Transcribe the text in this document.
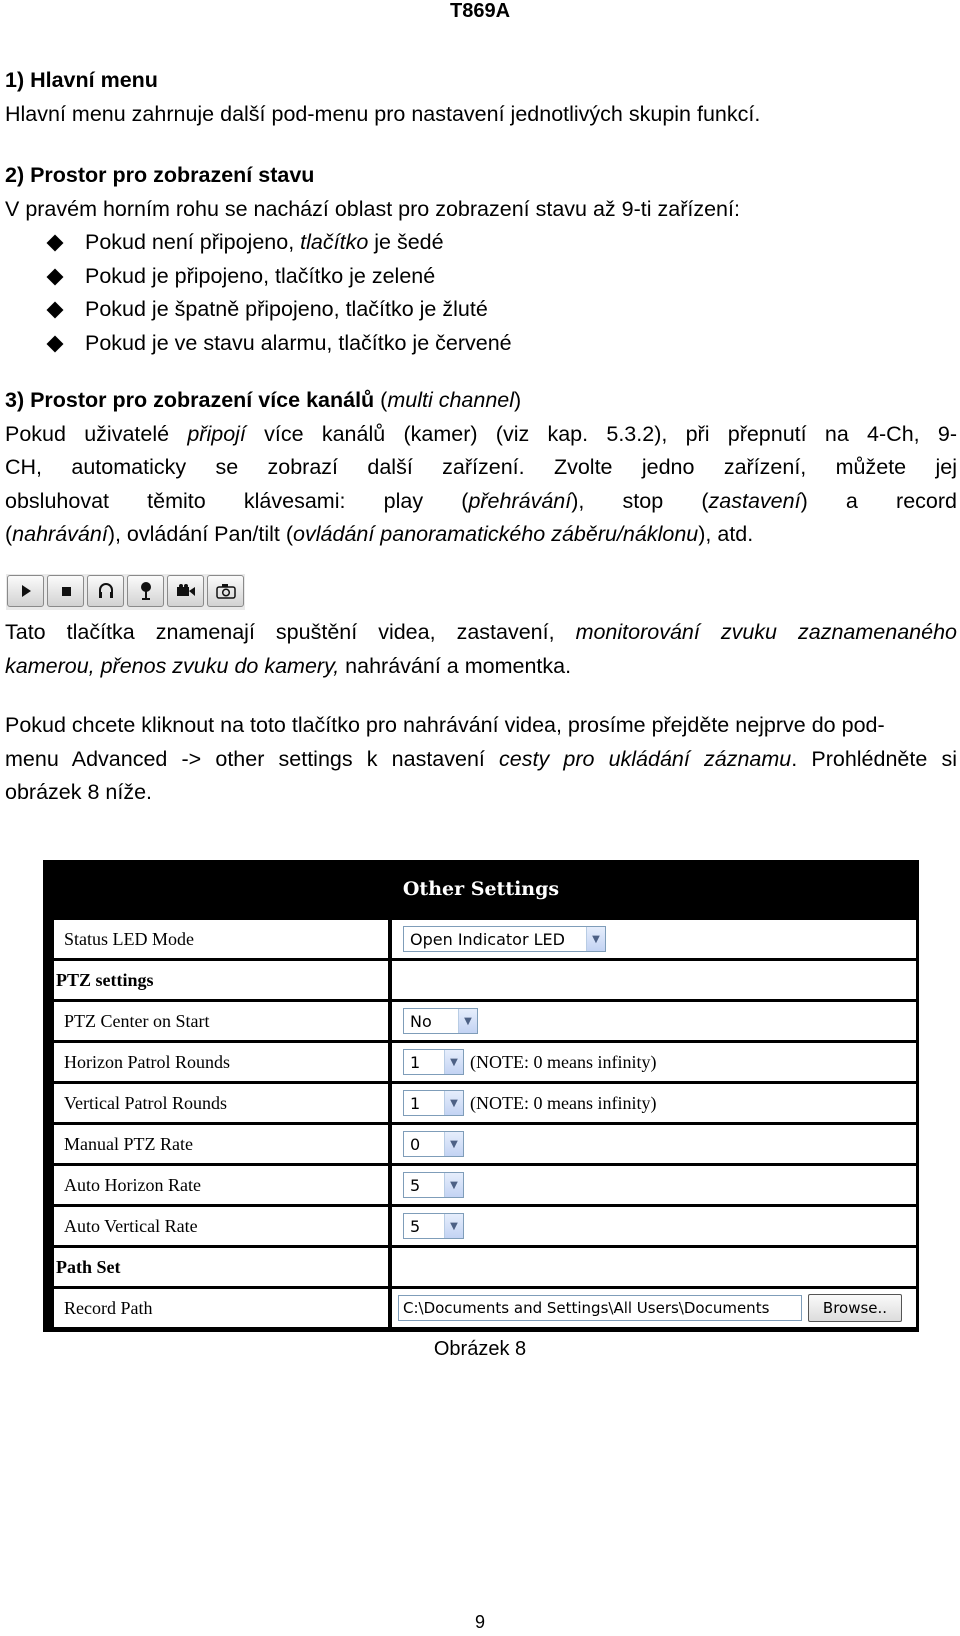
T869A
1) Hlavní menu
Hlavní menu zahrnuje další pod-menu pro nastavení jednotlivých skupin funkcí.
2) Prostor pro zobrazení stavu
V pravém horním rohu se nachází oblast pro zobrazení stavu až 9-ti zařízení:
Pokud není připojeno, tlačítko je šedé
Pokud je připojeno, tlačítko je zelené
Pokud je špatně připojeno, tlačítko je žluté
Pokud je ve stavu alarmu, tlačítko je červené
3) Prostor pro zobrazení více kanálů (multi channel)
Pokud uživatelé připojí více kanálů (kamer) (viz kap. 5.3.2), při přepnutí na 4-Ch, 9-
CH, automaticky se zobrazí další zařízení. Zvolte jedno zařízení, můžete jej
obsluhovat těmito klávesami: play (přehrávání), stop (zastavení) a record
(nahrávání), ovládání Pan/tilt (ovládání panoramatického záběru/náklonu), atd.
Tato tlačítka znamenají spuštění videa, zastavení, monitorování zvuku zaznamenaného
kamerou, přenos zvuku do kamery, nahrávání a momentka.
Pokud chcete kliknout na toto tlačítko pro nahrávání videa, prosíme přejděte nejprve do pod-
menu Advanced -> other settings k nastavení cesty pro ukládání záznamu. Prohlédněte si
obrázek 8 níže.
Other Settings
Status LED Mode	Open Indicator LED	▼
PTZ settings
PTZ Center on Start	No	▼
Horizon Patrol Rounds	1	▼ (NOTE: 0 means infinity)
Vertical Patrol Rounds	1	▼ (NOTE: 0 means infinity)
Manual PTZ Rate	0	▼
Auto Horizon Rate	5	▼
Auto Vertical Rate	5	▼
Path Set
Record Path	C:\Documents and Settings\All Users\Documents	Browse..
Obrázek 8
9
